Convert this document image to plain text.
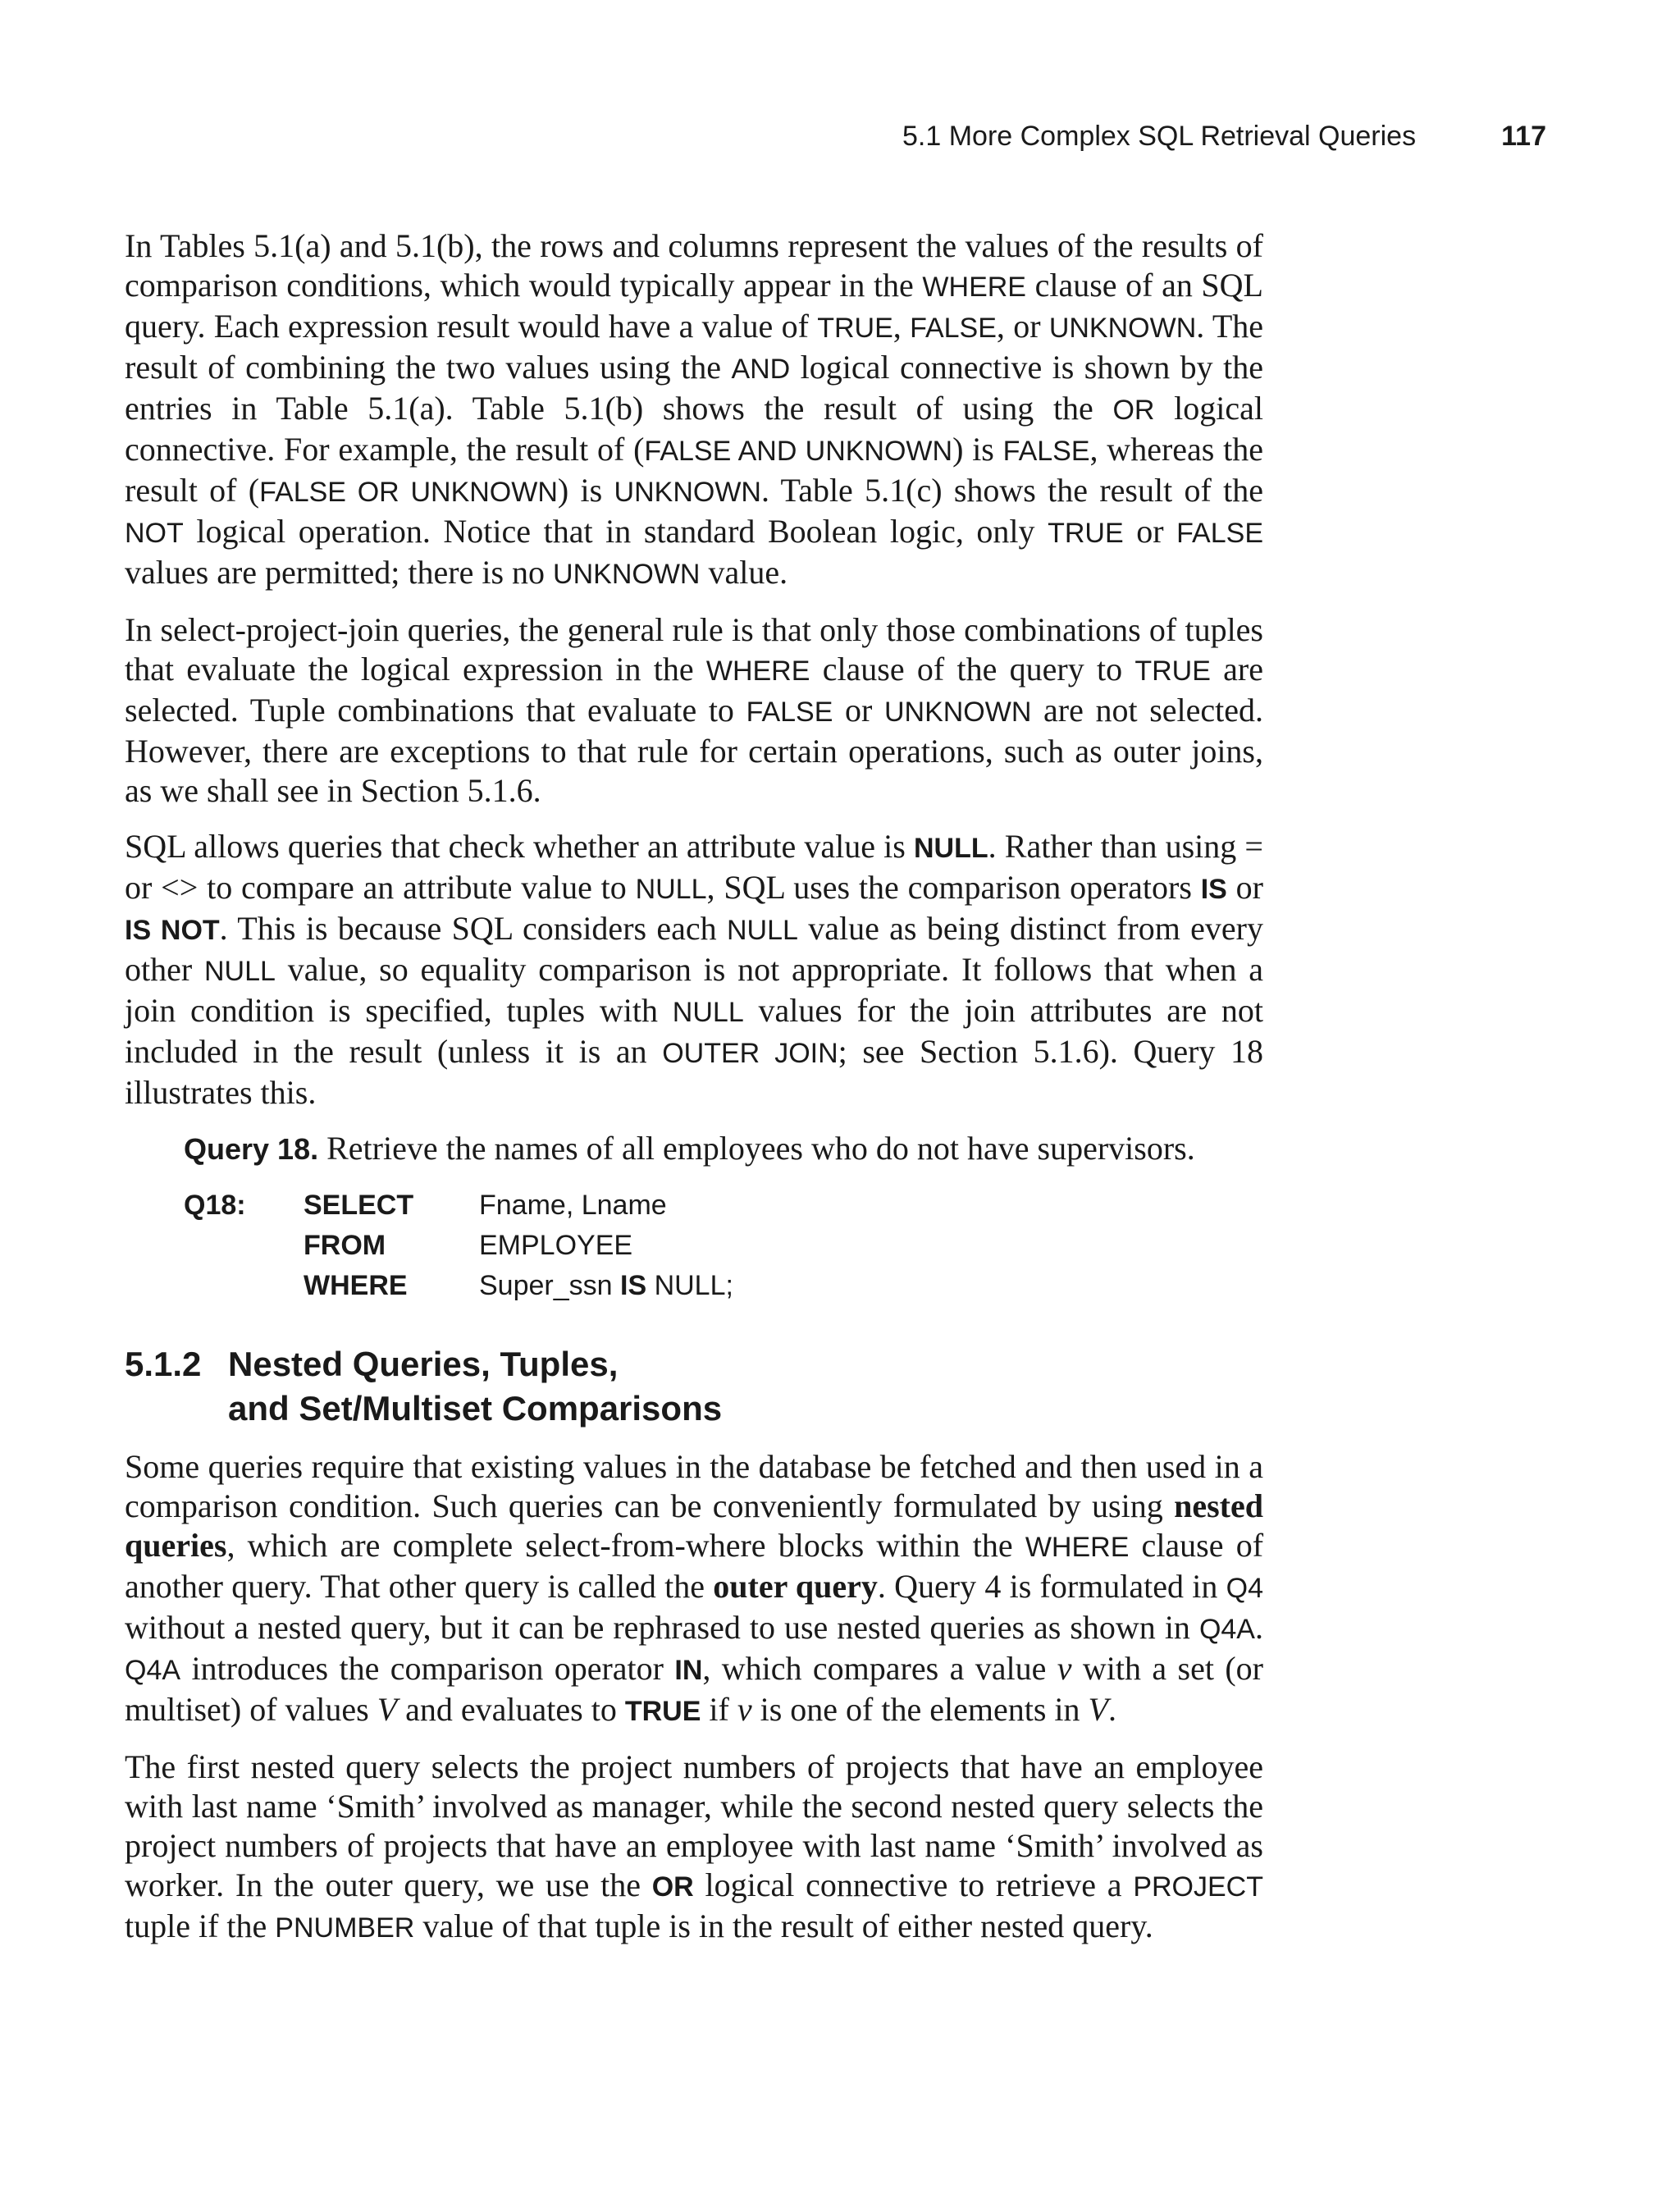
5.1 More Complex SQL Retrieval Queries	117

In Tables 5.1(a) and 5.1(b), the rows and columns represent the values of the results of comparison conditions, which would typically appear in the WHERE clause of an SQL query. Each expression result would have a value of TRUE, FALSE, or UNKNOWN. The result of combining the two values using the AND logical connective is shown by the entries in Table 5.1(a). Table 5.1(b) shows the result of using the OR logical connective. For example, the result of (FALSE AND UNKNOWN) is FALSE, whereas the result of (FALSE OR UNKNOWN) is UNKNOWN. Table 5.1(c) shows the result of the NOT logical operation. Notice that in standard Boolean logic, only TRUE or FALSE values are permitted; there is no UNKNOWN value.

In select-project-join queries, the general rule is that only those combinations of tuples that evaluate the logical expression in the WHERE clause of the query to TRUE are selected. Tuple combinations that evaluate to FALSE or UNKNOWN are not selected. However, there are exceptions to that rule for certain operations, such as outer joins, as we shall see in Section 5.1.6.

SQL allows queries that check whether an attribute value is NULL. Rather than using = or <> to compare an attribute value to NULL, SQL uses the comparison operators IS or IS NOT. This is because SQL considers each NULL value as being distinct from every other NULL value, so equality comparison is not appropriate. It follows that when a join condition is specified, tuples with NULL values for the join attributes are not included in the result (unless it is an OUTER JOIN; see Section 5.1.6). Query 18 illustrates this.

Query 18. Retrieve the names of all employees who do not have supervisors.
Q18:	SELECT	Fname, Lname
	FROM	EMPLOYEE
	WHERE	Super_ssn IS NULL;
5.1.2 Nested Queries, Tuples,
and Set/Multiset Comparisons

Some queries require that existing values in the database be fetched and then used in a comparison condition. Such queries can be conveniently formulated by using nested queries, which are complete select-from-where blocks within the WHERE clause of another query. That other query is called the outer query. Query 4 is formulated in Q4 without a nested query, but it can be rephrased to use nested queries as shown in Q4A. Q4A introduces the comparison operator IN, which compares a value v with a set (or multiset) of values V and evaluates to TRUE if v is one of the elements in V.

The first nested query selects the project numbers of projects that have an employee with last name ‘Smith’ involved as manager, while the second nested query selects the project numbers of projects that have an employee with last name ‘Smith’ involved as worker. In the outer query, we use the OR logical connective to retrieve a PROJECT tuple if the PNUMBER value of that tuple is in the result of either nested query.
